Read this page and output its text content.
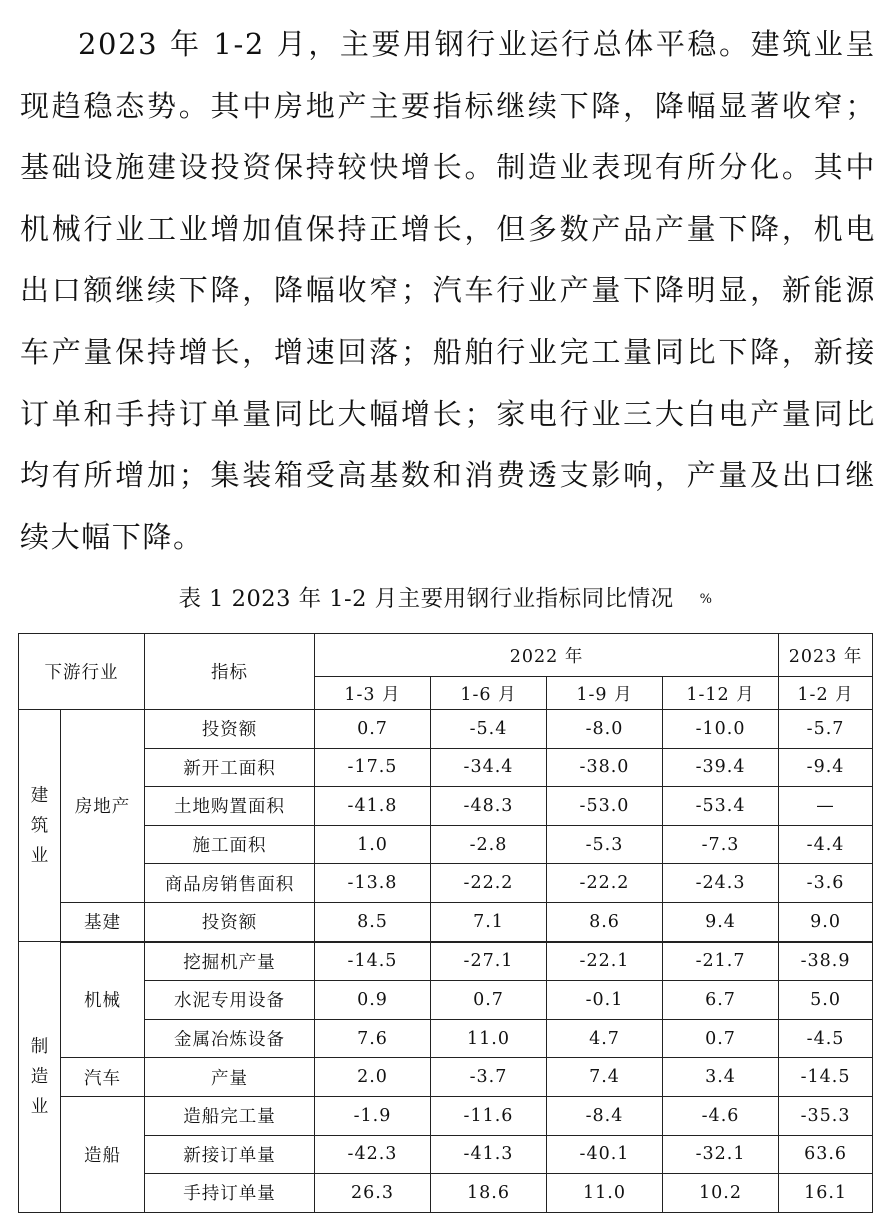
2023 年 1-2 月，主要用钢行业运行总体平稳。建筑业呈现趋稳态势。其中房地产主要指标继续下降，降幅显著收窄；基础设施建设投资保持较快增长。制造业表现有所分化。其中机械行业工业增加值保持正增长，但多数产品产量下降，机电出口额继续下降，降幅收窄；汽车行业产量下降明显，新能源车产量保持增长，增速回落；船舶行业完工量同比下降，新接订单和手持订单量同比大幅增长；家电行业三大白电产量同比均有所增加；集装箱受高基数和消费透支影响，产量及出口继续大幅下降。

表 1 2023 年 1-2 月主要用钢行业指标同比情况 %
下游行业		指标	2022 年				2023 年
			1-3 月	1-6 月	1-9 月	1-12 月	1-2 月

建
筑
业	房地产	投资额	0.7	-5.4	-8.0	-10.0	-5.7
		新开工面积	-17.5	-34.4	-38.0	-39.4	-9.4
		土地购置面积	-41.8	-48.3	-53.0	-53.4	—
		施工面积	1.0	-2.8	-5.3	-7.3	-4.4
		商品房销售面积	-13.8	-22.2	-22.2	-24.3	-3.6
	基建	投资额	8.5	7.1	8.6	9.4	9.0

制
造
业	机械	挖掘机产量	-14.5	-27.1	-22.1	-21.7	-38.9
		水泥专用设备	0.9	0.7	-0.1	6.7	5.0
		金属冶炼设备	7.6	11.0	4.7	0.7	-4.5
	汽车	产量	2.0	-3.7	7.4	3.4	-14.5
	造船	造船完工量	-1.9	-11.6	-8.4	-4.6	-35.3
		新接订单量	-42.3	-41.3	-40.1	-32.1	63.6
		手持订单量	26.3	18.6	11.0	10.2	16.1
